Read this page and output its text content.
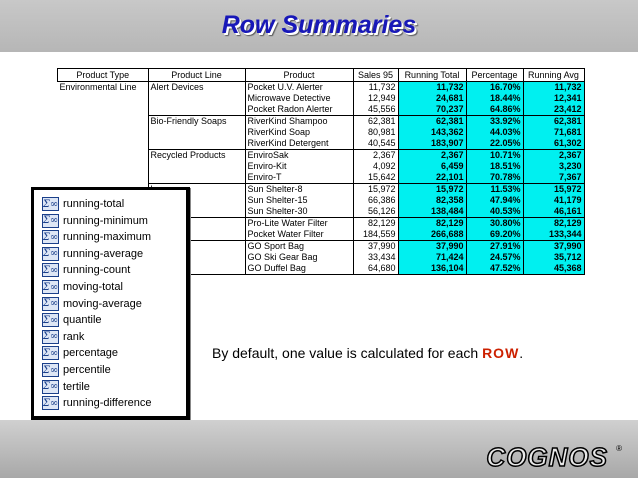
Row Summaries
Product Type	Product Line	Product	Sales 95	Running Total	Percentage	Running Avg
Environmental Line	Alert Devices	Pocket U.V. Alerter	11,732	11,732	16.70%	11,732
		Microwave Detective	12,949	24,681	18.44%	12,341
		Pocket Radon Alerter	45,556	70,237	64.86%	23,412
	Bio-Friendly Soaps	RiverKind Shampoo	62,381	62,381	33.92%	62,381
		RiverKind Soap	80,981	143,362	44.03%	71,681
		RiverKind Detergent	40,545	183,907	22.05%	61,302
	Recycled Products	EnviroSak	2,367	2,367	10.71%	2,367
		Enviro-Kit	4,092	6,459	18.51%	3,230
		Enviro-T	15,642	22,101	70.78%	7,367
		Sun Shelter-8	15,972	15,972	11.53%	15,972
		Sun Shelter-15	66,386	82,358	47.94%	41,179
		Sun Shelter-30	56,126	138,484	40.53%	46,161
		Pro-Lite Water Filter	82,129	82,129	30.80%	82,129
		Pocket Water Filter	184,559	266,688	69.20%	133,344
		GO Sport Bag	37,990	37,990	27.91%	37,990
		GO Ski Gear Bag	33,434	71,424	24.57%	35,712
		GO Duffel Bag	64,680	136,104	47.52%	45,368
Σ∞ running-total
Σ∞ running-minimum
Σ∞ running-maximum
Σ∞ running-average
Σ∞ running-count
Σ∞ moving-total
Σ∞ moving-average
Σ∞ quantile
Σ∞ rank
Σ∞ percentage
Σ∞ percentile
Σ∞ tertile
Σ∞ running-difference
By default, one value is calculated for each ROW.
COGNOS ®
